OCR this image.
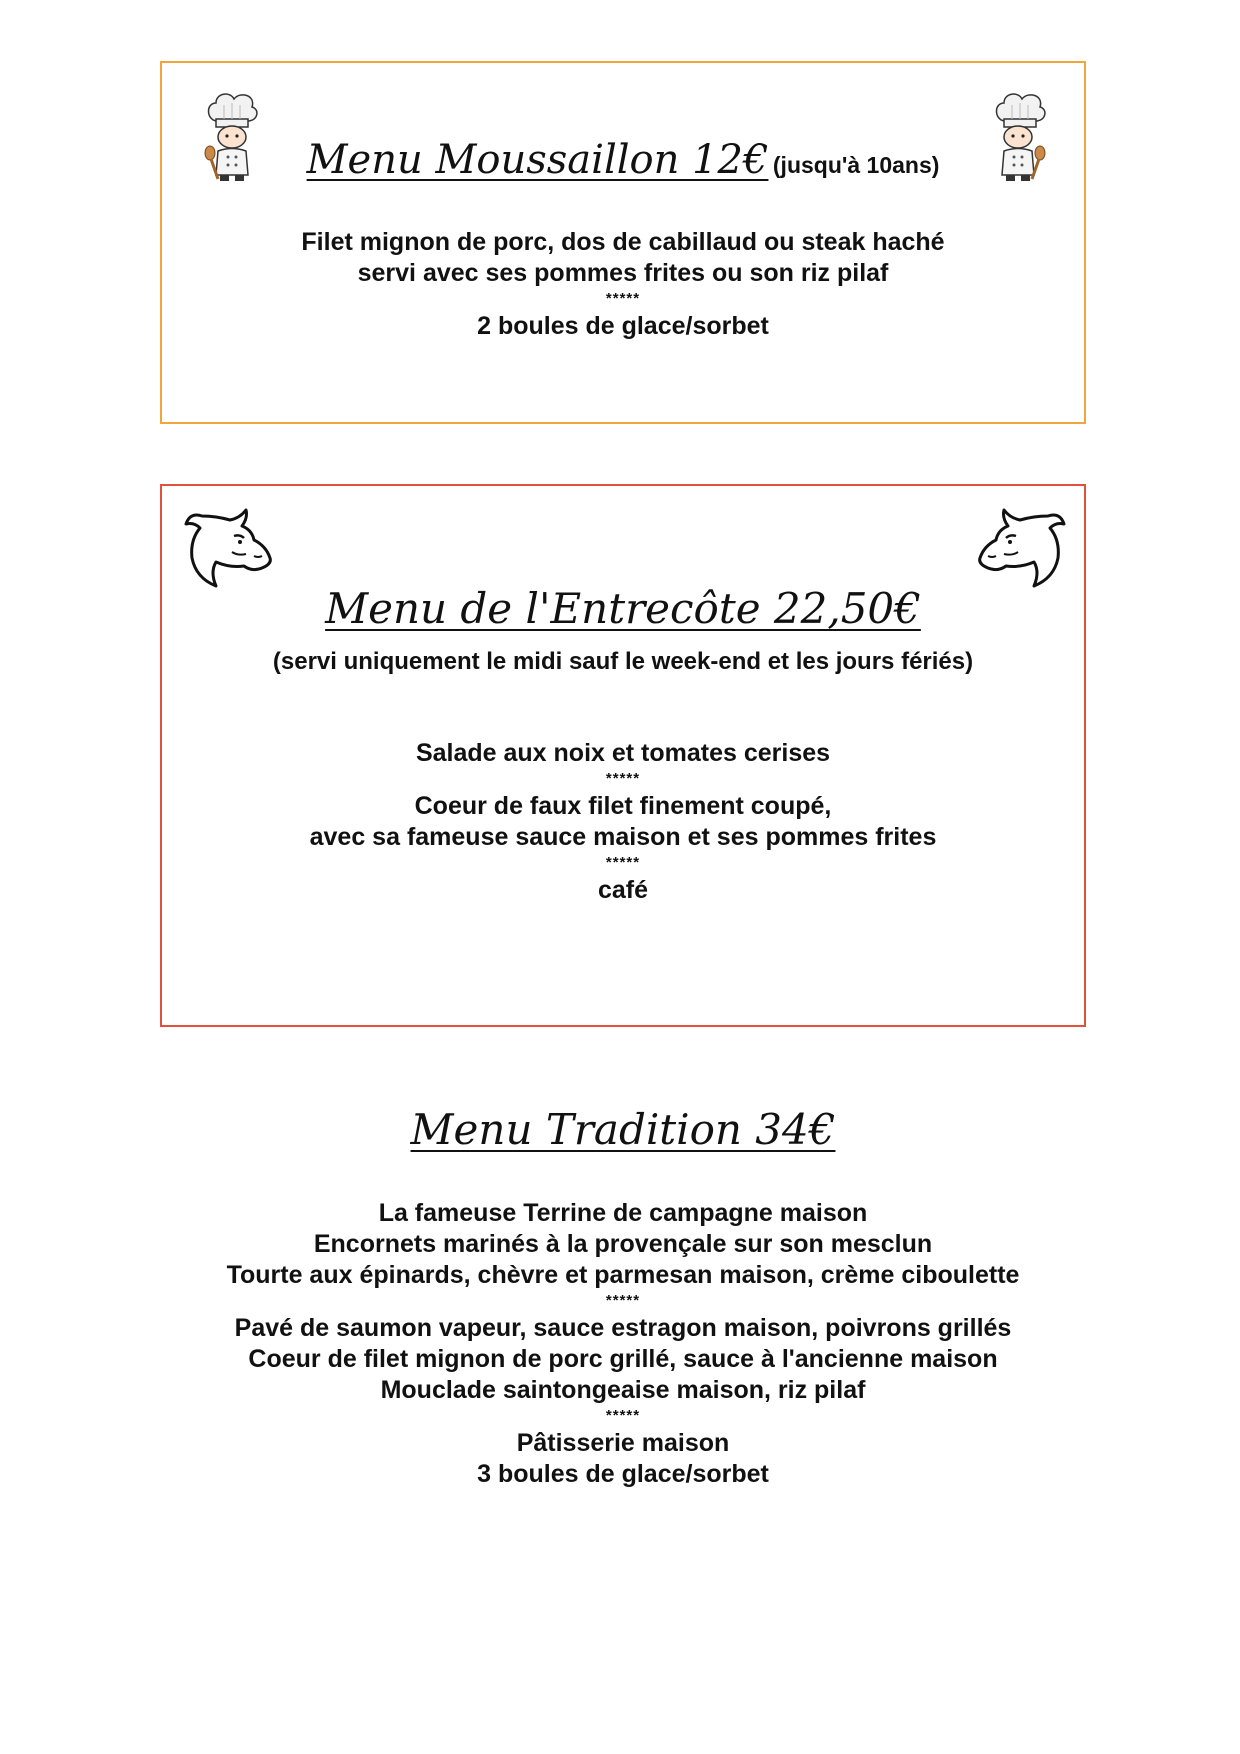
Menu Moussaillon 12€ (jusqu'à 10ans)
Filet mignon de porc, dos de cabillaud ou steak haché
servi avec ses pommes frites ou son riz pilaf
*****
2 boules de glace/sorbet
Menu de l'Entrecôte 22,50€
(servi uniquement le midi sauf le week-end et les jours fériés)
Salade aux noix et tomates cerises
*****
Coeur de faux filet finement coupé,
avec sa fameuse sauce maison et ses pommes frites
*****
café
Menu Tradition 34€
La fameuse Terrine de campagne maison
Encornets marinés à la provençale sur son mesclun
Tourte aux épinards, chèvre et parmesan maison, crème ciboulette
*****
Pavé de saumon vapeur, sauce estragon maison, poivrons grillés
Coeur de filet mignon de porc grillé, sauce à l'ancienne maison
Mouclade saintongeaise maison, riz pilaf
*****
Pâtisserie maison
3 boules de glace/sorbet
